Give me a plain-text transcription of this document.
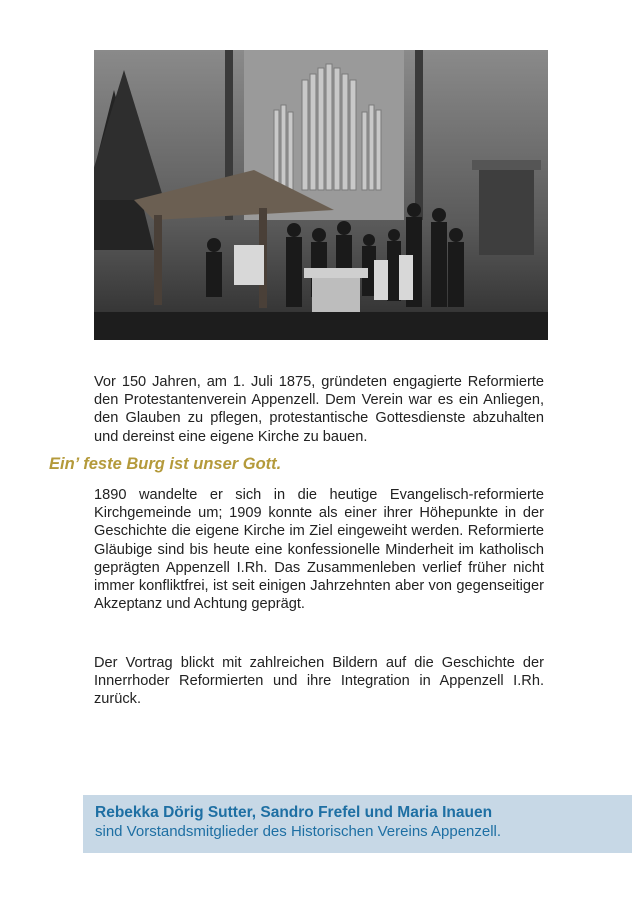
Vor 150 Jahren, am 1. Juli 1875, gründeten engagierte Reformierte den Protestantenverein Appenzell. Dem Verein war es ein Anliegen, den Glauben zu pflegen, protestantische Gottesdienste abzuhalten und dereinst eine eigene Kirche zu bauen.

Ein’ feste Burg ist unser Gott.

1890 wandelte er sich in die heutige Evangelisch-reformierte Kirchgemeinde um; 1909 konnte als einer ihrer Höhepunkte in der Geschichte die eigene Kirche im Ziel eingeweiht werden. Reformierte Gläubige sind bis heute eine konfessionelle Minderheit im katholisch geprägten Appenzell I.Rh. Das Zusammenleben verlief früher nicht immer konfliktfrei, ist seit einigen Jahrzehnten aber von gegenseitiger Akzeptanz und Achtung geprägt.

Der Vortrag blickt mit zahlreichen Bildern auf die Geschichte der Innerrhoder Reformierten und ihre Integration in Appenzell I.Rh. zurück.

Rebekka Dörig Sutter, Sandro Frefel und Maria Inauen
sind Vorstandsmitglieder des Historischen Vereins Appenzell.
